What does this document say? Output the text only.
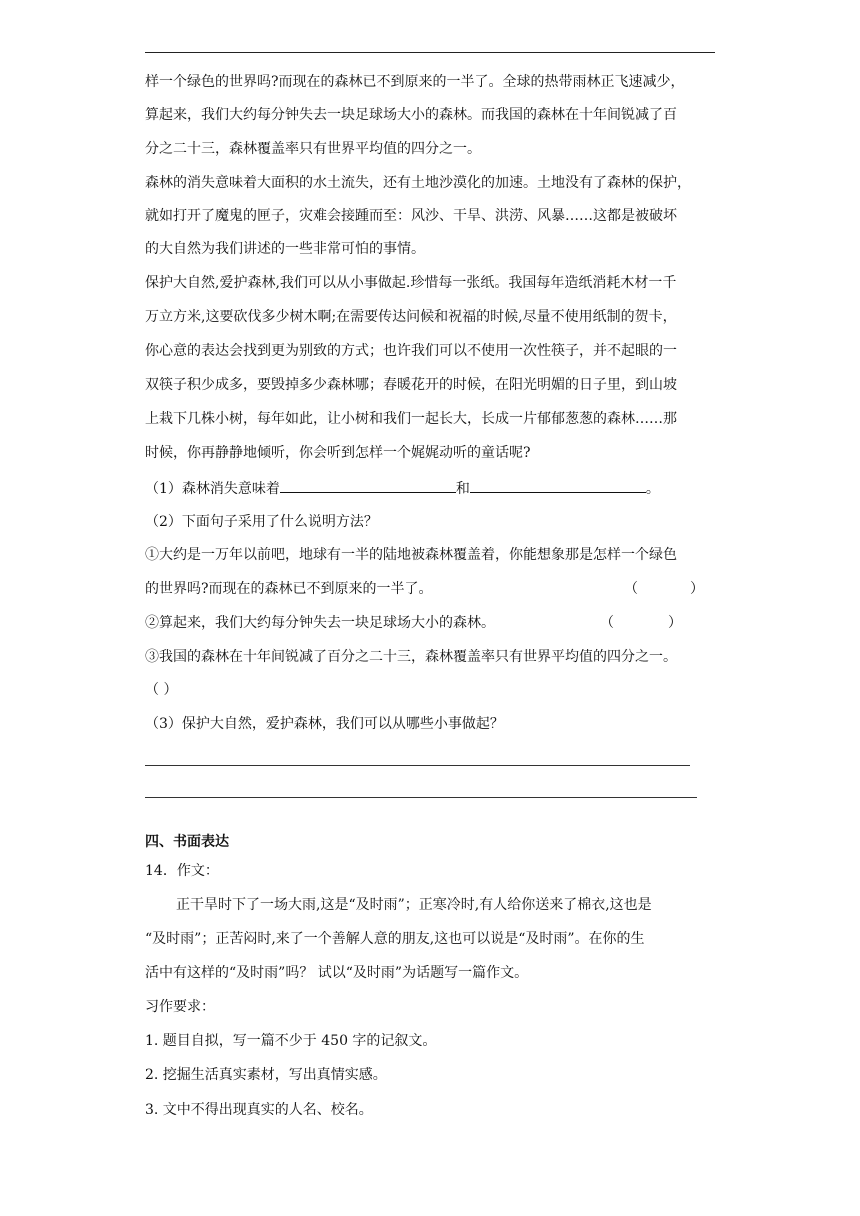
样一个绿色的世界吗?而现在的森林已不到原来的一半了。全球的热带雨林正飞速减少，
算起来，我们大约每分钟失去一块足球场大小的森林。而我国的森林在十年间锐减了百
分之二十三，森林覆盖率只有世界平均值的四分之一。
森林的消失意味着大面积的水土流失，还有土地沙漠化的加速。土地没有了森林的保护，
就如打开了魔鬼的匣子，灾难会接踵而至：风沙、干旱、洪涝、风暴……这都是被破坏
的大自然为我们讲述的一些非常可怕的事情。
保护大自然,爱护森林,我们可以从小事做起.珍惜每一张纸。我国每年造纸消耗木材一千
万立方米,这要砍伐多少树木啊;在需要传达问候和祝福的时候,尽量不使用纸制的贺卡，
你心意的表达会找到更为别致的方式；也许我们可以不使用一次性筷子，并不起眼的一
双筷子积少成多，要毁掉多少森林哪；春暖花开的时候，在阳光明媚的日子里，到山坡
上栽下几株小树，每年如此，让小树和我们一起长大，长成一片郁郁葱葱的森林……那
时候，你再静静地倾听，你会听到怎样一个娓娓动听的童话呢?
（1）森林消失意味着	和	。
（2）下面句子采用了什么说明方法？
①大约是一万年以前吧，地球有一半的陆地被森林覆盖着，你能想象那是怎样一个绿色
的世界吗?而现在的森林已不到原来的一半了。	（	）
②算起来，我们大约每分钟失去一块足球场大小的森林。	（	）
③我国的森林在十年间锐减了百分之二十三，森林覆盖率只有世界平均值的四分之一。
（ ）
（3）保护大自然，爱护森林，我们可以从哪些小事做起？
四、书面表达
14．作文：
正干旱时下了一场大雨,这是“及时雨”；正寒冷时,有人给你送来了棉衣,这也是
“及时雨”；正苦闷时,来了一个善解人意的朋友,这也可以说是“及时雨”。在你的生
活中有这样的“及时雨”吗？ 试以“及时雨”为话题写一篇作文。
习作要求：
1. 题目自拟，写一篇不少于 450 字的记叙文。
2. 挖掘生活真实素材，写出真情实感。
3. 文中不得出现真实的人名、校名。
